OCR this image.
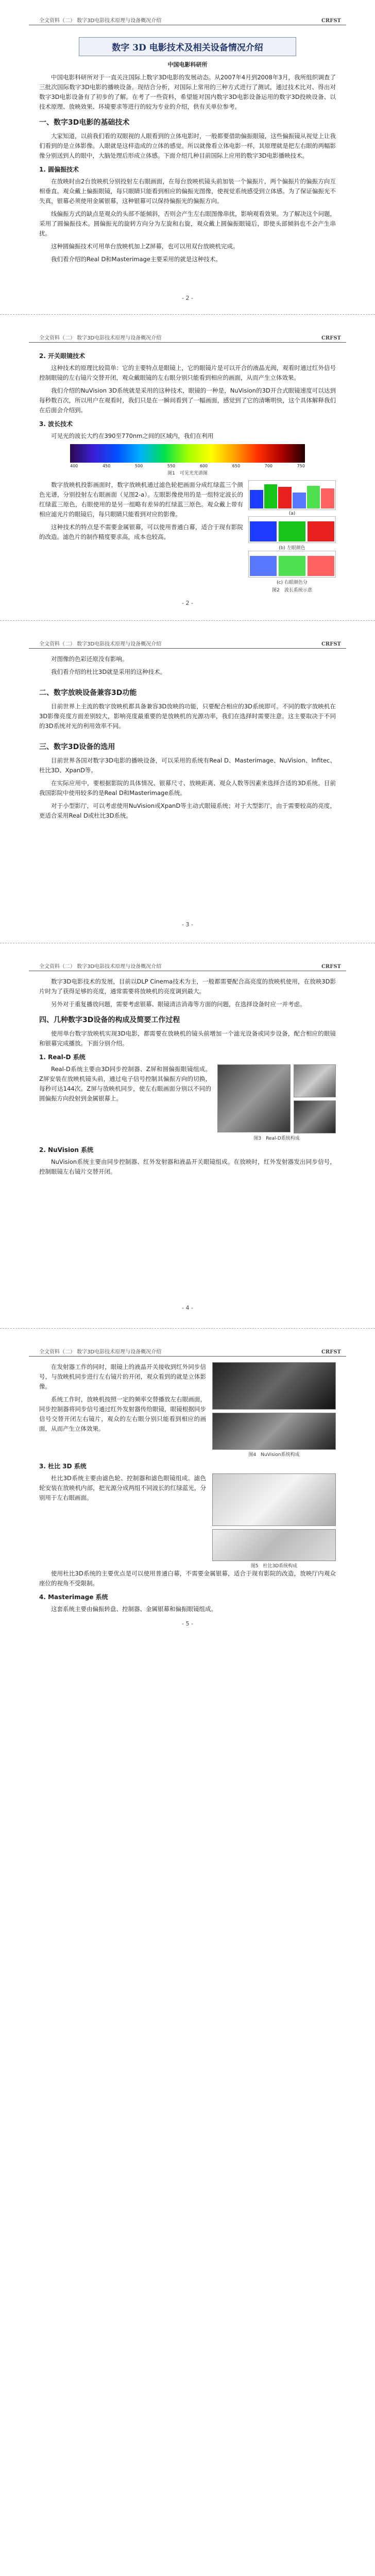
全文资料（二） 数字3D电影技术原理与设备概况介绍	CRFST
数字 3D 电影技术及相关设备情况介绍
中国电影科研所

中国电影科研所对于一直关注国际上数字3D电影的发展动态。从2007年4月到2008年3月，我所组织调查了三批次国际数字3D电影的播映设备。现结合分析，对国际上常用的三种方式进行了测试，通过技术比对、得出对数字3D电影设备有了初步的了解。在考了一些资料，希望能对国内数字3D电影设备运用的数字3D投映设备、以技术原理、放映效果、环境要求等进行的较为专业的介绍，供有关单位参考。

一、数字3D电影的基础技术

大家知道，以前我们看的双眼视的人眼看到的立体电影时，一般都要借助偏振眼镜，这些偏振镜从视觉上让我们看到的是立体影像。人眼就是这样造成的立体的感觉。所以就像看立体电影一样，其原理就是把左右眼的两幅影像分别送到人的眼中，大脑处理后形成立体感。下面介绍几种目前国际上应用的数字3D电影播映技术。

1. 圆偏振技术

在放映时由2台放映机分别投射左右眼画面，在每台放映机镜头前加装一个偏振片，两个偏振片的偏振方向互相垂直。观众戴上偏振眼镜，每只眼睛只能看到相应的偏振光图像，使视觉系统感受到立体感。为了保证偏振光不失真，银幕必须使用金属银幕，这种银幕可以保持偏振光的偏振方向。

线偏振方式的缺点是观众的头部不能倾斜，否则会产生左右眼图像串扰，影响观看效果。为了解决这个问题，采用了圆偏振技术。圆偏振光的旋转方向分为左旋和右旋，观众戴上圆偏振眼镜后，即使头部倾斜也不会产生串扰。

这种圆偏振技术可用单台放映机加上Z屏幕，也可以用双台放映机完成。

我们看介绍的Real D和Masterimage主要采用的就是这种技术。

- 2 -
全文资料（二） 数字3D电影技术原理与设备概况介绍	CRFST
2. 开关眼镜技术

这种技术的原理比较简单：它的主要特点是眼镜上，它的眼镜片是可以开合的液晶光阀，观看时通过红外信号控制眼镜的左右镜片交替开闭，观众戴眼镜的左右眼分别只能看到相应的画面，从而产生立体效果。

我们介绍的NuVision 3D系统就是采用的这种技术，眼镜的一种是，NuVision的3D开合式眼镜速度可以达到每秒数百次，所以用户在观看时，我们只是在一瞬间看到了一幅画面，感觉到了它的清晰明快，这个具体解释我们在后面会介绍到。

3. 波长技术

可见光的波长大约在390至770nm之间的区域内，我们在利用

400	450	500	550	600	650	700	750
图1　可见光光谱图

数字放映机投影画面时，数字放映机通过滤色轮把画面分成红绿蓝三个颜色光谱，分别投射左右眼画面（见图2-a）。左眼影像使用的是一组特定波长的红绿蓝三原色，右眼使用的是另一组略有差异的红绿蓝三原色。观众戴上带有相应滤光片的眼镜后，每只眼睛只能看到对应的影像。

这种技术的特点是不需要金属银幕，可以使用普通白幕，适合于现有影院的改造。滤色片的制作精度要求高，成本也较高。

(a)
(b) 左眼颜色
(c) 右眼颜色分
图2　波长系统示意
- 2 -
全文资料（二） 数字3D电影技术原理与设备概况介绍	CRFST

对图像的色彩还原没有影响。

我们看介绍的杜比3D就是采用的这种技术。

二、数字放映设备兼容3D功能

目前世界上主流的数字放映机都具备兼容3D放映的功能，只要配合相应的3D系统即可。不同的数字放映机在3D影像亮度方面差别较大，影响亮度最重要的是放映机的光源功率，我们在选择时需要注意。这主要取决于不同的3D系统对光的利用效率不同。

三、数字3D设备的选用

目前世界各国对数字3D电影的播映设备，可以采用的系统有Real D、Masterimage、NuVision、Infitec、杜比3D、XpanD等。

在实际应用中，要根据影院的具体情况、银幕尺寸、放映距离、观众人数等因素来选择合适的3D系统。目前我国影院中使用较多的是Real D和Masterimage系统。

对于小型影厅，可以考虑使用NuVision或XpanD等主动式眼镜系统；对于大型影厅，由于需要较高的亮度，更适合采用Real D或杜比3D系统。

- 3 -
全文资料（二） 数字3D电影技术原理与设备概况介绍	CRFST

数字3D电影技术的发展，目前以DLP Cinema技术为主，一般都需要配合高亮度的放映机使用，在放映3D影片时为了获得足够的亮度，通常需要将放映机的亮度调到最大。

另外对于重复播放问题，需要考虑银幕、眼镜清洁消毒等方面的问题，在选择设备时应一并考虑。

四、几种数字3D设备的构成及简要工作过程

使用单台数字放映机实现3D电影，都需要在放映机的镜头前增加一个滤光设备或同步设备，配合相应的眼镜和银幕完成播放。下面分别介绍。

1. Real-D 系统

Real-D系统主要由3D同步控制器、Z屏和圆偏振眼镜组成。Z屏安装在放映机镜头前，通过电子信号控制其偏振方向的切换，每秒可达144次。Z屏与放映机同步，使左右眼画面分别以不同的圆偏振方向投射到金属银幕上。

图3　Real-D系统构成
2. NuVision 系统

NuVision系统主要由同步控制器、红外发射器和液晶开关眼镜组成。在放映时，红外发射器发出同步信号，控制眼镜左右镜片交替开闭。

- 4 -
全文资料（二） 数字3D电影技术原理与设备概况介绍	CRFST

在发射器工作的同时，眼镜上的液晶开关接收到红外同步信号，与放映机同步进行左右镜片的开闭，观众看到的就是立体影像。

系统工作时，放映机按照一定的频率交替播放左右眼画面，同步控制器将同步信号通过红外发射器传给眼镜，眼镜根据同步信号交替开闭左右镜片，观众的左右眼分别只能看到相应的画面，从而产生立体效果。

图4　NuVision系统构成
3. 杜比 3D 系统

杜比3D系统主要由滤色轮、控制器和滤色眼镜组成。滤色轮安装在放映机内部，把光源分成两组不同波长的红绿蓝光，分别用于左右眼画面。

图5　杜比3D系统构成

使用杜比3D系统的主要优点是可以使用普通白幕，不需要金属银幕，适合于现有影院的改造，放映厅内观众座位的视角不受限制。

4. Masterimage 系统

这套系统主要由偏振转盘、控制器、金属银幕和偏振眼镜组成。

- 5 -
